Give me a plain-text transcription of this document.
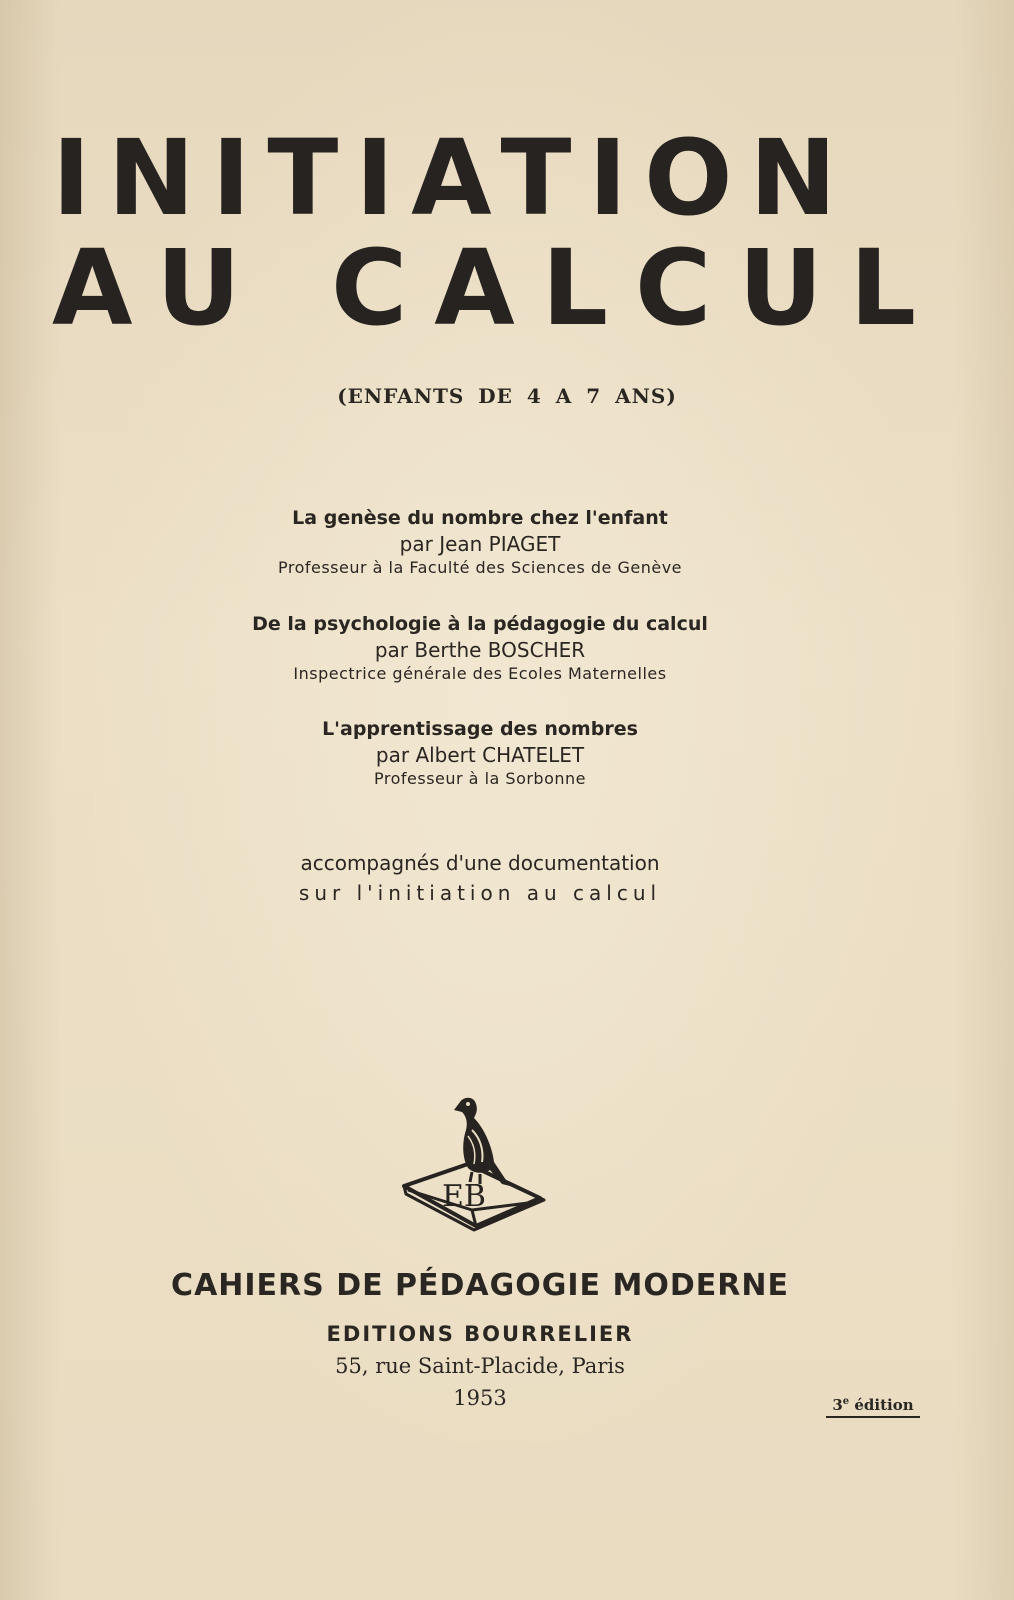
INITIATION
AU CALCUL
(ENFANTS DE 4 A 7 ANS)
La genèse du nombre chez l'enfant
par Jean PIAGET
Professeur à la Faculté des Sciences de Genève
De la psychologie à la pédagogie du calcul
par Berthe BOSCHER
Inspectrice générale des Ecoles Maternelles
L'apprentissage des nombres
par Albert CHATELET
Professeur à la Sorbonne
accompagnés d'une documentation
sur l'initiation au calcul
EB
CAHIERS DE PÉDAGOGIE MODERNE
EDITIONS BOURRELIER
55, rue Saint-Placide, Paris
1953	3e édition
